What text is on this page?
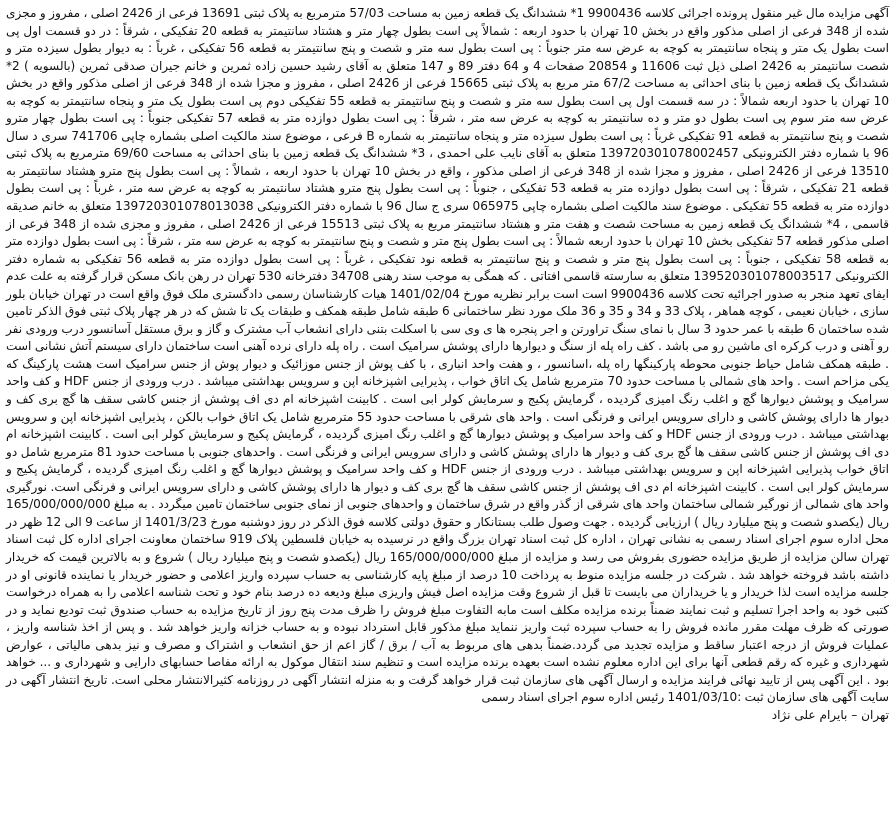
آگهی مزایده مال غیر منقول پرونده اجرائی کلاسه 9900436 1* ششدانگ یک قطعه زمین به مساحت 57/03 مترمربع به پلاک ثبتی 13691 فرعی از 2426 اصلی ، مفروز و مجزی شده از 348 فرعی از اصلی مذکور واقع در بخش 10 تهران با حدود اربعه : شمالاً پی است بطول چهار متر و هشتاد سانتیمتر به قطعه 20 تفکیکی ، شرقاً : در دو قسمت اول پی است بطول یک متر و پنجاه سانتیمتر به کوچه به عرض سه متر جنوباً : پی است بطول سه متر و شصت و پنج سانتیمتر به قطعه 56 تفکیکی ، غرباً : به دیوار بطول سیزده متر و شصت سانتیمتر به 2426 اصلی ذیل ثبت 11606 و 20854 صفحات 4 و 64 دفتر 89 و 147 متعلق به آقای رشید حسین زاده ثمرین و خانم جیران صدقی ثمرین (بالسویه ) 2* ششدانگ یک قطعه زمین با بنای احداثی به مساحت 67/2 متر مربع به پلاک ثبتی 15665 فرعی از 2426 اصلی ، مفروز و مجزا شده از 348 فرعی از اصلی مذکور واقع در بخش 10 تهران با حدود اربعه شمالاً : در سه قسمت اول پی است بطول سه متر و شصت و پنج سانتیمتر به قطعه 55 تفکیکی دوم پی است بطول یک متر و پنجاه سانتیمتر به کوچه به عرض سه متر سوم پی است بطول دو متر و ده سانتیمتر به کوچه به عرض سه متر ، شرقاً : پی است بطول دوازده متر به قطعه 57 تفکیکی جنوباً : پی است بطول چهار مترو شصت و پنج سانتیمتر به قطعه 91 تفکیکی غرباً : پی است بطول سیزده متر و پنجاه سانتیمتر به شماره B فرعی ، موضوع سند مالکیت اصلی بشماره چاپی 741706 سری د سال 96 با شماره دفتر الکترونیکی 139720301078002457 متعلق به آقای نایب علی احمدی ، 3* ششدانگ یک قطعه زمین با بنای احداثی به مساحت 69/60 مترمربع به پلاک ثبتی 13510 فرعی از 2426 اصلی ، مفروز و مجزا شده از 348 فرعی از اصلی مذکور ، واقع در بخش 10 تهران با حدود اربعه ، شمالاً : پی است بطول پنج مترو هشتاد سانتیمتر به قطعه 21 تفکیکی ، شرقاً : پی است بطول دوازده متر به قطعه 53 تفکیکی ، جنوباً : پی است بطول پنج مترو هشتاد سانتیمتر به کوچه به عرض سه متر ، غرباً : پی است بطول دوازده متر به قطعه 55 تفکیکی . موضوع سند مالکیت اصلی بشماره چاپی 065975 سری ج سال 96 با شماره دفتر الکترونیکی 139720301078013038 متعلق به خانم صدیقه قاسمی ، 4* ششدانگ یک قطعه زمین به مساحت شصت و هفت متر و هشتاد سانتیمتر مربع به پلاک ثبتی 15513 فرعی از 2426 اصلی ، مفروز و مجزی شده از 348 فرعی از اصلی مذکور قطعه 57 تفکیکی بخش 10 تهران با حدود اربعه شمالاً : پی است بطول پنج متر و شصت و پنج سانتیمتر به کوچه به عرض سه متر ، شرقاً : پی است بطول دوازده متر به قطعه 58 تفکیکی ، جنوباً : پی است بطول پنج متر و شصت و پنج سانتیمتر به قطعه نود تفکیکی ، غرباً : پی است بطول دوازده متر به قطعه 56 تفکیکی به شماره دفتر الکترونیکی 139520301078003517 متعلق به سارسته قاسمی افتاتی . که همگی به موجب سند رهنی 34708 دفترخانه 530 تهران در رهن بانک مسکن قرار گرفته به علت عدم ایفای تعهد منجر به صدور اجرائیه تحت کلاسه 9900436 است است برابر نظریه مورخ 1401/02/04 هیات کارشناسان رسمی دادگستری ملک فوق واقع است در تهران خیابان بلور سازی ، خیابان نعیمی ، کوچه هماهر ، پلاک 33 و 34 و 35 و 36 ملک مورد نظر ساختمانی 6 طبقه شامل طبقه همکف و طبقات یک تا شش که در هر چهار پلاک ثبتی فوق الذکر تامین شده ساختمان 6 طبقه با عمر حدود 3 سال با نمای سنگ تراورتن و اجر پنجره ها ی وی سی با اسکلت بتنی دارای انشعاب آب مشترک و گاز و برق مستقل آسانسور درب ورودی نفر رو آهنی و درب کرکره ای ماشین رو می باشد . کف راه پله از سنگ و دیوارها دارای پوشش سرامیک است . راه پله دارای نرده آهنی است ساختمان دارای سیستم آتش نشانی است . طبقه همکف شامل حیاط جنوبی محوطه پارکینگها راه پله ،اسانسور ، و هفت واحد انباری ، با کف پوش از جنس موزائیک و دیوار پوش از جنس سرامیک است هشت پارکینگ که یکی مزاحم است . واحد های شمالی با مساحت حدود 70 مترمربع شامل یک اتاق خواب ، پذیرایی اشپزخانه اپن و سرویس بهداشتی میباشد . درب ورودی از جنس HDF و کف واحد سرامیک و پوشش دیوارها گچ و اغلب رنگ امیزی گردیده ، گرمایش پکیج و سرمایش کولر ابی است . کابینت اشپزخانه ام دی اف پوشش از جنس کاشی سقف ها گچ بری کف و دیوار ها دارای پوشش کاشی و دارای سرویس ایرانی و فرنگی است . واحد های شرقی با مساحت حدود 55 مترمربع شامل یک اتاق خواب بالکن ، پذیرایی اشپزخانه اپن و سرویس بهداشتی میباشد . درب ورودی از جنس HDF و کف واحد سرامیک و پوشش دیوارها گچ و اغلب رنگ امیزی گردیده ، گرمایش پکیج و سرمایش کولر ابی است . کابینت اشپزخانه ام دی اف پوشش از جنس کاشی سقف ها گچ بری کف و دیوار ها دارای پوشش کاشی و دارای سرویس ایرانی و فرنگی است . واحدهای جنوبی با مساحت حدود 81 مترمربع شامل دو اتاق خواب پذیرایی اشپزخانه اپن و سرویس بهداشتی میباشد . درب ورودی از جنس HDF و کف واحد سرامیک و پوشش دیوارها گچ و اغلب رنگ امیزی گردیده ، گرمایش پکیج و سرمایش کولر ابی است . کابینت اشپزخانه ام دی اف پوشش از جنس کاشی سقف ها گچ بری کف و دیوار ها دارای پوشش کاشی و دارای سرویس ایرانی و فرنگی است. نورگیری واحد های شمالی از نورگیر شمالی ساختمان واحد های شرقی از گذر واقع در شرق ساختمان و واحدهای جنوبی از نمای جنوبی ساختمان تامین میگردد . به مبلغ 165/000/000/000 ریال (یکصدو شصت و پنج میلیارد ریال ) ارزیابی گردیده . جهت وصول طلب بستانکار و حقوق دولتی کلاسه فوق الذکر در روز دوشنبه مورخ 1401/3/23 از ساعت 9 الی 12 ظهر در محل اداره سوم اجرای اسناد رسمی به نشانی تهران ، اداره کل ثبت اسناد تهران بزرگ واقع در نرسیده به خیابان فلسطین پلاک 919 ساختمان معاونت اجرای اداره کل ثبت اسناد تهران سالن مزایده از طریق مزایده حضوری بفروش می رسد و مزایده از مبلغ 165/000/000/000 ریال (یکصدو شصت و پنج میلیارد ریال ) شروع و به بالاترین قیمت که خریدار داشته باشد فروخته خواهد شد . شرکت در جلسه مزایده منوط به پرداخت 10 درصد از مبلغ پایه کارشناسی به حساب سپرده واریز اعلامی و حضور خریدار یا نماینده قانونی او در جلسه مزایده است لذا خریدار و یا خریداران می بایست تا قبل از شروع وقت مزایده اصل فیش واریزی مبلغ ودیعه ده درصد بنام خود و تحت شناسه اعلامی را به همراه درخواست کتبی خود به واحد اجرا تسلیم و ثبت نمایند ضمناً برنده مزایده مکلف است مابه التفاوت مبلغ فروش را ظرف مدت پنج روز از تاریخ مزایده به حساب صندوق ثبت تودیع نماید و در صورتی که ظرف مهلت مقرر مانده فروش را به حساب سپرده ثبت واریز ننماید مبلغ مذکور قابل استرداد نبوده و به حساب خزانه واریز خواهد شد . و پس از اخذ شناسه واریز ، عملیات فروش از درجه اعتبار ساقط و مزایده تجدید می گردد.ضمناً بدهی های مربوط به آب / برق / گاز اعم از حق انشعاب و اشتراک و مصرف و نیز بدهی مالیاتی ، عوارض شهرداری و غیره که رقم قطعی آنها برای این اداره معلوم نشده است بعهده برنده مزایده است و تنظیم سند انتقال موکول به ارائه مفاصا حسابهای دارایی و شهرداری و ... خواهد بود . این آگهی پس از تایید نهائی فرایند مزایده و ارسال آگهی های سازمان ثبت قرار خواهد گرفت و به منزله انتشار آگهی در روزنامه کثیرالانتشار محلی است. تاریخ انتشار آگهی در سایت آگهی های سازمان ثبت :1401/03/10 رئیس اداره سوم اجرای اسناد رسمی

تهران – بایرام علی نژاد
